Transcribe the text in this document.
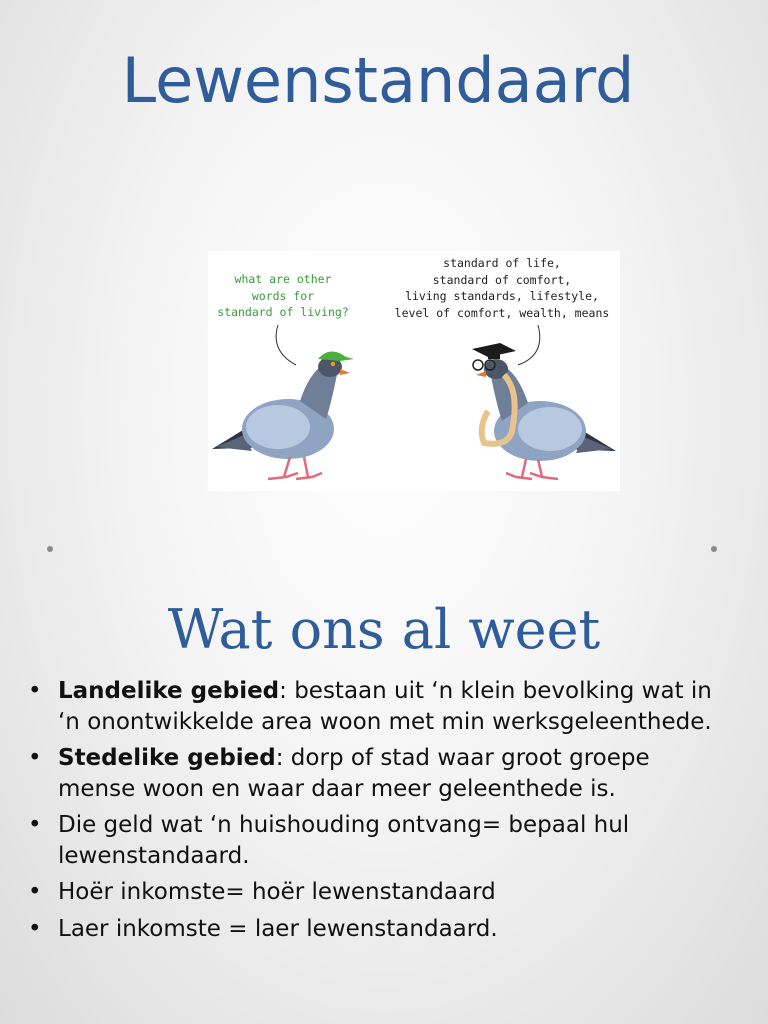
Lewenstandaard
what are other
words for
standard of living?
standard of life,
standard of comfort,
living standards, lifestyle,
level of comfort, wealth, means
Wat ons al weet
• Landelike gebied: bestaan uit ‘n klein bevolking wat in ‘n onontwikkelde area woon met min werksgeleenthede.
• Stedelike gebied: dorp of stad waar groot groepe mense woon en waar daar meer geleenthede is.
• Die geld wat ‘n huishouding ontvang= bepaal hul lewenstandaard.
• Hoër inkomste= hoër lewenstandaard
• Laer inkomste = laer lewenstandaard.
